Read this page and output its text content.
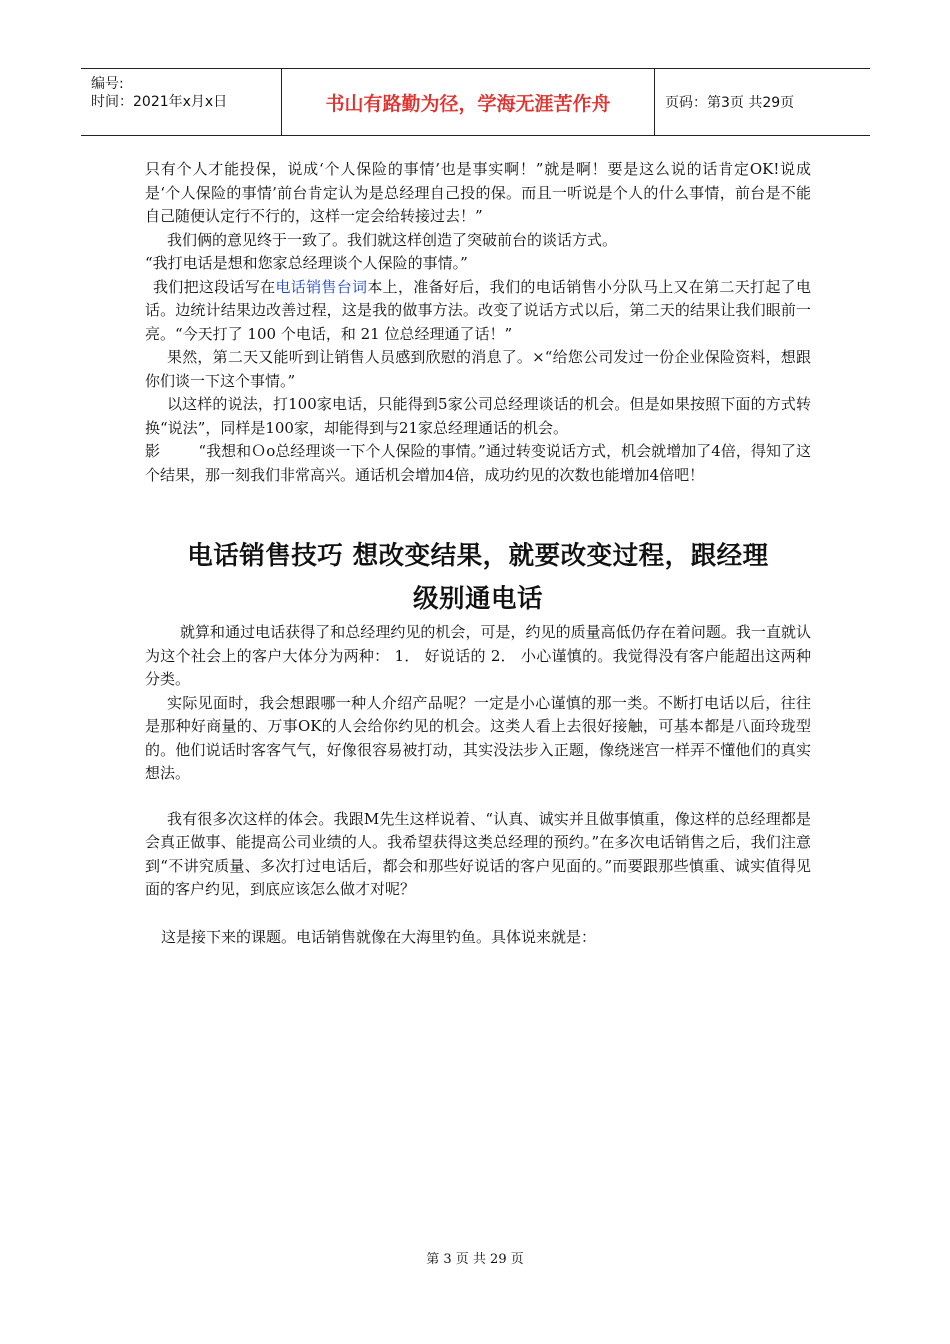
编号:
时间：2021年x月x日	书山有路勤为径，学海无涯苦作舟	页码：第3页 共29页

只有个人才能投保，说成‘个人保险的事情’也是事实啊！”就是啊！要是这么说的话肯定OK!说成是‘个人保险的事情’前台肯定认为是总经理自己投的保。而且一听说是个人的什么事情，前台是不能自己随便认定行不行的，这样一定会给转接过去！”

我们俩的意见终于一致了。我们就这样创造了突破前台的谈话方式。

“我打电话是想和您家总经理谈个人保险的事情。”

我们把这段话写在电话销售台词本上，准备好后，我们的电话销售小分队马上又在第二天打起了电话。边统计结果边改善过程，这是我的做事方法。改变了说话方式以后，第二天的结果让我们眼前一亮。“今天打了 100 个电话，和 21 位总经理通了话！”

果然，第二天又能听到让销售人员感到欣慰的消息了。×“给您公司发过一份企业保险资料，想跟你们谈一下这个事情。”

以这样的说法，打100家电话，只能得到5家公司总经理谈话的机会。但是如果按照下面的方式转换“说法”，同样是100家，却能得到与21家总经理通话的机会。

影        “我想和Ｏo总经理谈一下个人保险的事情。”通过转变说话方式，机会就增加了4倍，得知了这个结果，那一刻我们非常高兴。通话机会增加4倍，成功约见的次数也能增加4倍吧！

电话销售技巧 想改变结果，就要改变过程，跟经理

级别通电话

就算和通过电话获得了和总经理约见的机会，可是，约见的质量高低仍存在着问题。我一直就认为这个社会上的客户大体分为两种： 1． 好说话的 2． 小心谨慎的。我觉得没有客户能超出这两种分类。

实际见面时，我会想跟哪一种人介绍产品呢？一定是小心谨慎的那一类。不断打电话以后，往往是那种好商量的、万事OK的人会给你约见的机会。这类人看上去很好接触，可基本都是八面玲珑型的。他们说话时客客气气，好像很容易被打动，其实没法步入正题，像绕迷宫一样弄不懂他们的真实想法。

我有很多次这样的体会。我跟M先生这样说着、“认真、诚实并且做事慎重，像这样的总经理都是会真正做事、能提高公司业绩的人。我希望获得这类总经理的预约。”在多次电话销售之后，我们注意到“不讲究质量、多次打过电话后，都会和那些好说话的客户见面的。”而要跟那些慎重、诚实值得见面的客户约见，到底应该怎么做才对呢？

这是接下来的课题。电话销售就像在大海里钓鱼。具体说来就是：

第 3 页 共 29 页
